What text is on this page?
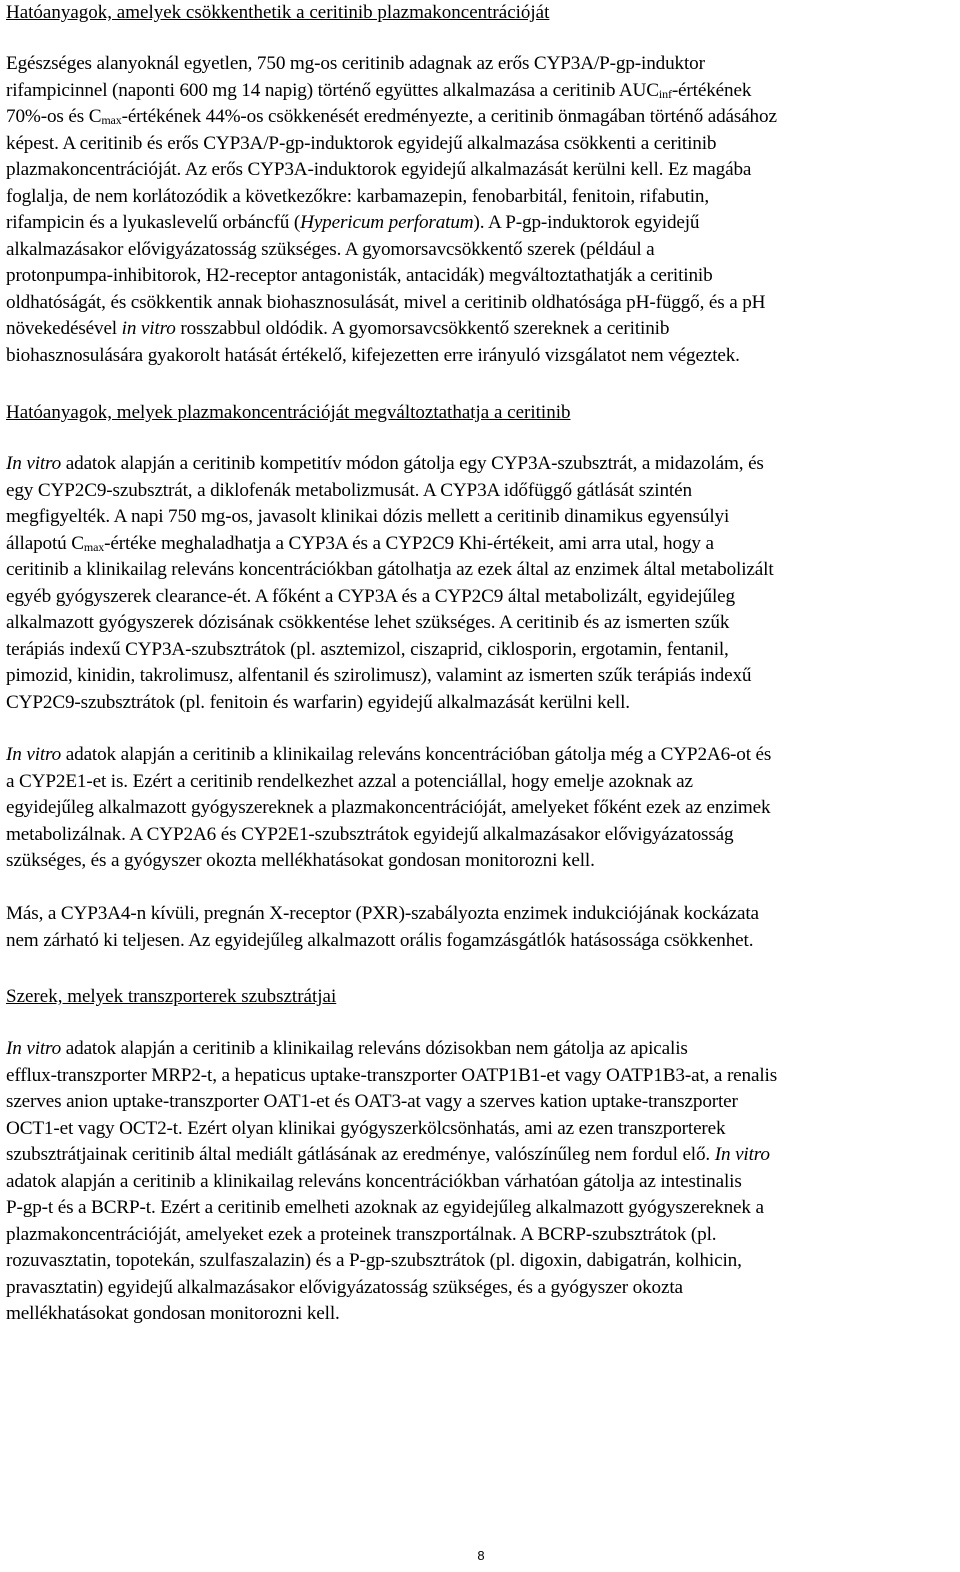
Hatóanyagok, amelyek csökkenthetik a ceritinib plazmakoncentrációját
Egészséges alanyoknál egyetlen, 750 mg-os ceritinib adagnak az erős CYP3A/P-gp-induktor
rifampicinnel (naponti 600 mg 14 napig) történő együttes alkalmazása a ceritinib $AUC_{inf}$-értékének
70%-os és $C_{max}$-értékének 44%-os csökkenését eredményezte, a ceritinib önmagában történő adásához
képest. A ceritinib és erős CYP3A/P-gp-induktorok egyidejű alkalmazása csökkenti a ceritinib
plazmakoncentrációját. Az erős CYP3A-induktorok egyidejű alkalmazását kerülni kell. Ez magába
foglalja, de nem korlátozódik a következőkre: karbamazepin, fenobarbitál, fenitoin, rifabutin,
rifampicin és a lyukaslevelű orbáncfű (Hypericum perforatum). A P-gp-induktorok egyidejű
alkalmazásakor elővigyázatosság szükséges. A gyomorsavcsökkentő szerek (például a
protonpumpa-inhibitorok, H2-receptor antagonisták, antacidák) megváltoztathatják a ceritinib
oldhatóságát, és csökkentik annak biohasznosulását, mivel a ceritinib oldhatósága pH-függő, és a pH
növekedésével in vitro rosszabbul oldódik. A gyomorsavcsökkentő szereknek a ceritinib
biohasznosulására gyakorolt hatását értékelő, kifejezetten erre irányuló vizsgálatot nem végeztek.
Hatóanyagok, melyek plazmakoncentrációját megváltoztathatja a ceritinib
In vitro adatok alapján a ceritinib kompetitív módon gátolja egy CYP3A-szubsztrát, a midazolám, és
egy CYP2C9-szubsztrát, a diklofenák metabolizmusát. A CYP3A időfüggő gátlását szintén
megfigyelték. A napi 750 mg-os, javasolt klinikai dózis mellett a ceritinib dinamikus egyensúlyi
állapotú $C_{max}$-értéke meghaladhatja a CYP3A és a CYP2C9 Khi-értékeit, ami arra utal, hogy a
ceritinib a klinikailag releváns koncentrációkban gátolhatja az ezek által az enzimek által metabolizált
egyéb gyógyszerek clearance-ét. A főként a CYP3A és a CYP2C9 által metabolizált, egyidejűleg
alkalmazott gyógyszerek dózisának csökkentése lehet szükséges. A ceritinib és az ismerten szűk
terápiás indexű CYP3A-szubsztrátok (pl. asztemizol, ciszaprid, ciklosporin, ergotamin, fentanil,
pimozid, kinidin, takrolimusz, alfentanil és szirolimusz), valamint az ismerten szűk terápiás indexű
CYP2C9-szubsztrátok (pl. fenitoin és warfarin) egyidejű alkalmazását kerülni kell.
In vitro adatok alapján a ceritinib a klinikailag releváns koncentrációban gátolja még a CYP2A6-ot és
a CYP2E1-et is. Ezért a ceritinib rendelkezhet azzal a potenciállal, hogy emelje azoknak az
egyidejűleg alkalmazott gyógyszereknek a plazmakoncentrációját, amelyeket főként ezek az enzimek
metabolizálnak. A CYP2A6 és CYP2E1-szubsztrátok egyidejű alkalmazásakor elővigyázatosság
szükséges, és a gyógyszer okozta mellékhatásokat gondosan monitorozni kell.
Más, a CYP3A4-n kívüli, pregnán X-receptor (PXR)-szabályozta enzimek indukciójának kockázata
nem zárható ki teljesen. Az egyidejűleg alkalmazott orális fogamzásgátlók hatásossága csökkenhet.
Szerek, melyek transzporterek szubsztrátjai
In vitro adatok alapján a ceritinib a klinikailag releváns dózisokban nem gátolja az apicalis
efflux-transzporter MRP2-t, a hepaticus uptake-transzporter OATP1B1-et vagy OATP1B3-at, a renalis
szerves anion uptake-transzporter OAT1-et és OAT3-at vagy a szerves kation uptake-transzporter
OCT1-et vagy OCT2-t. Ezért olyan klinikai gyógyszerkölcsönhatás, ami az ezen transzporterek
szubsztrátjainak ceritinib által mediált gátlásának az eredménye, valószínűleg nem fordul elő. In vitro
adatok alapján a ceritinib a klinikailag releváns koncentrációkban várhatóan gátolja az intestinalis
P-gp-t és a BCRP-t. Ezért a ceritinib emelheti azoknak az egyidejűleg alkalmazott gyógyszereknek a
plazmakoncentrációját, amelyeket ezek a proteinek transzportálnak. A BCRP-szubsztrátok (pl.
rozuvasztatin, topotekán, szulfaszalazin) és a P-gp-szubsztrátok (pl. digoxin, dabigatrán, kolhicin,
pravasztatin) egyidejű alkalmazásakor elővigyázatosság szükséges, és a gyógyszer okozta
mellékhatásokat gondosan monitorozni kell.
8
